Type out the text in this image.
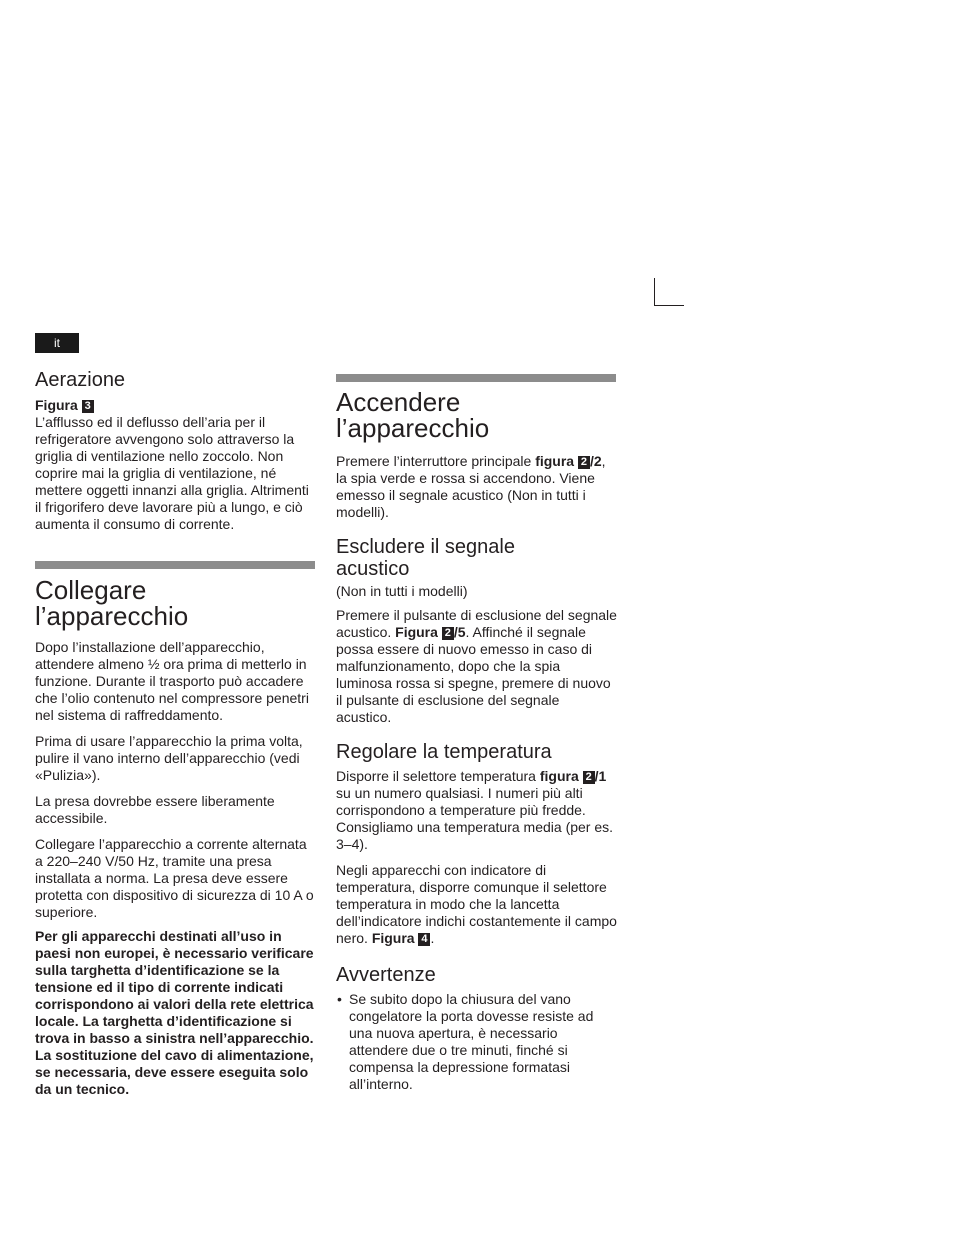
it
Aerazione

Figura 3

L’afflusso ed il deflusso dell’aria per il refrigeratore avvengono solo attraverso la griglia di ventilazione nello zoccolo. Non coprire mai la griglia di ventilazione, né mettere oggetti innanzi alla griglia. Altrimenti il frigorifero deve lavorare più a lungo, e ciò aumenta il consumo di corrente.

Collegare
l’apparecchio

Dopo l’installazione dell’apparecchio, attendere almeno ½ ora prima di metterlo in funzione. Durante il trasporto può accadere che l’olio contenuto nel compressore penetri nel sistema di raffreddamento.

Prima di usare l’apparecchio la prima volta, pulire il vano interno dell’apparecchio (vedi «Pulizia»).

La presa dovrebbe essere liberamente accessibile.

Collegare l’apparecchio a corrente alternata a 220–240 V/50 Hz, tramite una presa installata a norma. La presa deve essere protetta con dispositivo di sicurezza di 10 A o superiore.

Per gli apparecchi destinati all’uso in paesi non europei, è necessario verificare sulla targhetta d’identificazione se la tensione ed il tipo di corrente indicati corrispondono ai valori della rete elettrica locale. La targhetta d’identificazione si trova in basso a sinistra nell’apparecchio. La sostituzione del cavo di alimentazione, se necessaria, deve essere eseguita solo da un tecnico.

Accendere
l’apparecchio

Premere l’interruttore principale figura 2 /2, la spia verde e rossa si accendono. Viene emesso il segnale acustico (Non in tutti i modelli).

Escludere il segnale acustico

(Non in tutti i modelli)

Premere il pulsante di esclusione del segnale acustico. Figura 2 /5. Affinché il segnale possa essere di nuovo emesso in caso di malfunzionamento, dopo che la spia luminosa rossa si spegne, premere di nuovo il pulsante di esclusione del segnale acustico.

Regolare la temperatura

Disporre il selettore temperatura figura 2 /1 su un numero qualsiasi. I numeri più alti corrispondono a temperature più fredde. Consigliamo una temperatura media (per es. 3–4).

Negli apparecchi con indicatore di temperatura, disporre comunque il selettore temperatura in modo che la lancetta dell’indicatore indichi costantemente il campo nero. Figura 4 .

Avvertenze
• Se subito dopo la chiusura del vano congelatore la porta dovesse resiste ad una nuova apertura, è necessario attendere due o tre minuti, finché si compensa la depressione formatasi all’interno.
